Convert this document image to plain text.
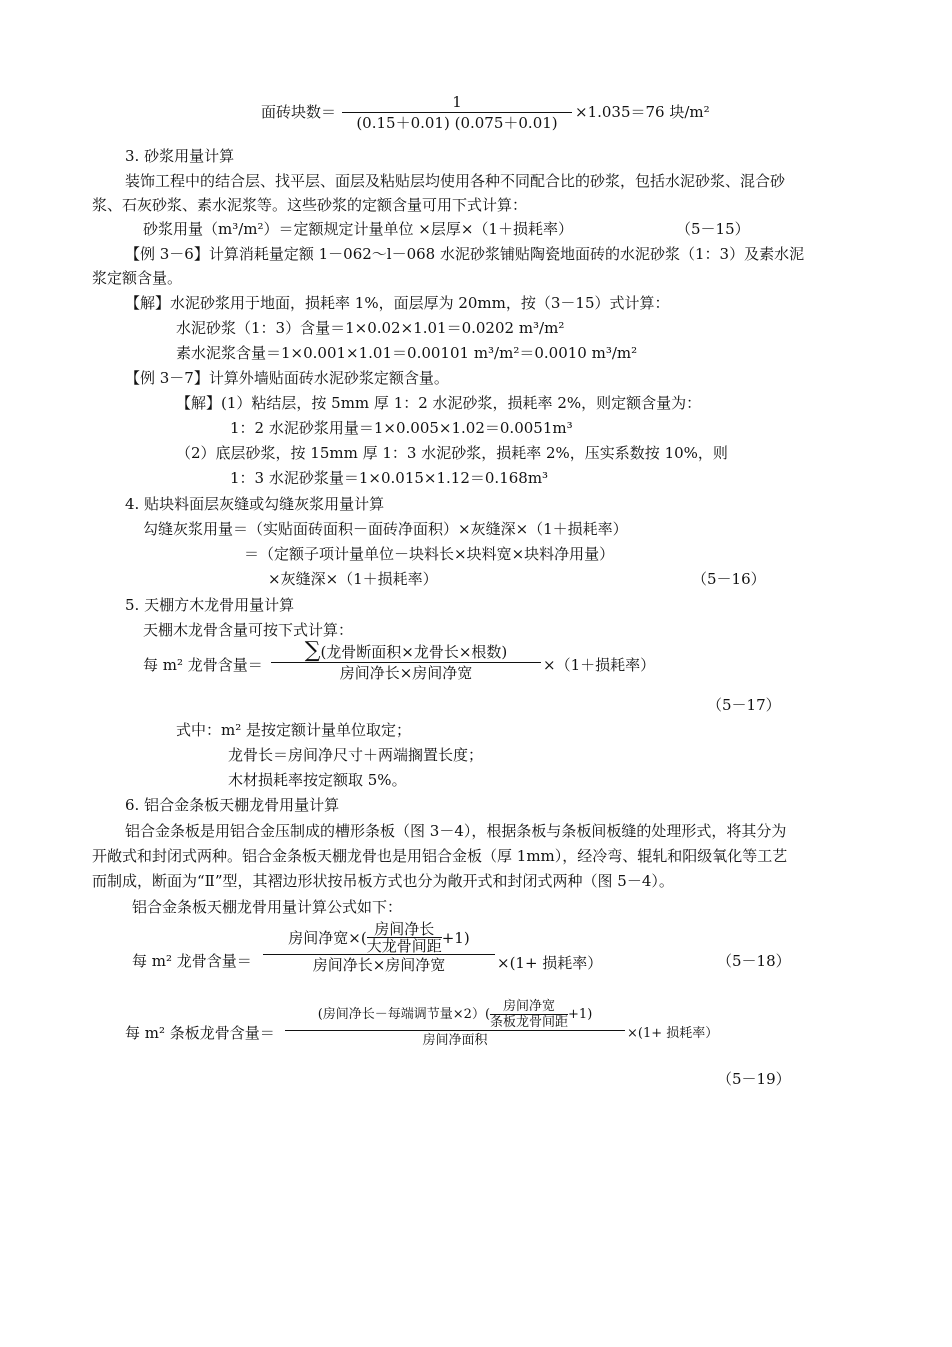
面砖块数＝
1
(0.15＋0.01) (0.075＋0.01)
×1.035＝76 块/m²
3. 砂浆用量计算
装饰工程中的结合层、找平层、面层及粘贴层均使用各种不同配合比的砂浆，包括水泥砂浆、混合砂
浆、石灰砂浆、素水泥浆等。这些砂浆的定额含量可用下式计算：
砂浆用量（m³/m²）＝定额规定计量单位 ×层厚×（1＋损耗率）	（5－15）
【例 3－6】计算消耗量定额 1－062～l－068 水泥砂浆铺贴陶瓷地面砖的水泥砂浆（1：3）及素水泥
浆定额含量。
【解】水泥砂浆用于地面，损耗率 1%，面层厚为 20mm，按（3－15）式计算：
水泥砂浆（1：3）含量＝1×0.02×1.01＝0.0202 m³/m²
素水泥浆含量＝1×0.001×1.01＝0.00101 m³/m²＝0.0010 m³/m²
【例 3－7】计算外墙贴面砖水泥砂浆定额含量。
【解】(1）粘结层，按 5mm 厚 1：2 水泥砂浆，损耗率 2%，则定额含量为：
1：2 水泥砂浆用量＝1×0.005×1.02＝0.0051m³
（2）底层砂浆，按 15mm 厚 1：3 水泥砂浆，损耗率 2%，压实系数按 10%，则
1：3 水泥砂浆量＝1×0.015×1.12＝0.168m³
4. 贴块料面层灰缝或勾缝灰浆用量计算
勾缝灰浆用量＝（实贴面砖面积－面砖净面积）×灰缝深×（1＋损耗率）
＝（定额子项计量单位－块料长×块料宽×块料净用量）
×灰缝深×（1＋损耗率）	（5－16）
5. 天棚方木龙骨用量计算
天棚木龙骨含量可按下式计算：
每 m² 龙骨含量＝
∑(龙骨断面积×龙骨长×根数)
房间净长×房间净宽	×（1＋损耗率）
（5－17）
式中：m² 是按定额计量单位取定；
龙骨长＝房间净尺寸＋两端搁置长度；
木材损耗率按定额取 5%。
6. 铝合金条板天棚龙骨用量计算
铝合金条板是用铝合金压制成的槽形条板（图 3－4），根据条板与条板间板缝的处理形式，将其分为
开敞式和封闭式两种。铝合金条板天棚龙骨也是用铝合金板（厚 1mm），经冷弯、辊轧和阳级氧化等工艺
而制成，断面为“Ⅱ”型，其褶边形状按吊板方式也分为敞开式和封闭式两种（图 5－4）。
铝合金条板天棚龙骨用量计算公式如下：
每 m² 龙骨含量＝
房间净宽×( $\frac{\text{房间净长}}{\text{大龙骨间距}} +1$)
房间净长×房间净宽	×(1+ 损耗率）	（5－18）
每 m² 条板龙骨含量＝
(房间净长－每端调节量$\times 2)( \frac{\text{房间净宽}}{\text{条板龙骨间距}} +1)$
房间净面积	×(1+ 损耗率）
（5－19）
